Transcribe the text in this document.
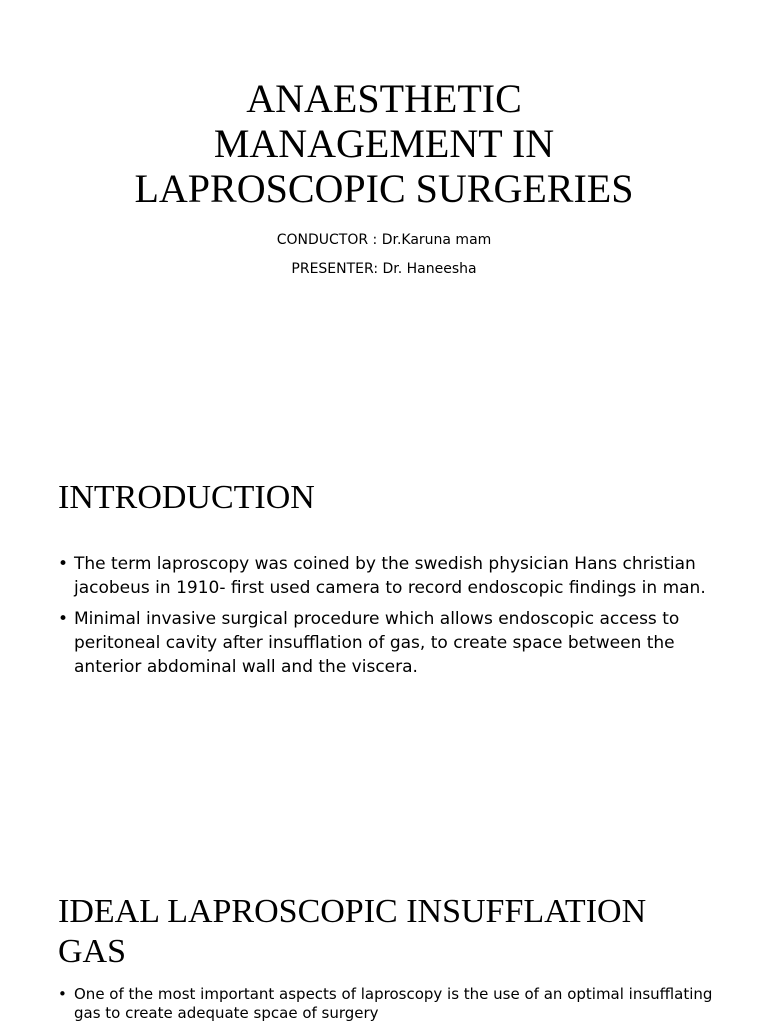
ANAESTHETIC
MANAGEMENT IN
LAPROSCOPIC SURGERIES

CONDUCTOR : Dr.Karuna mam

PRESENTER: Dr. Haneesha

INTRODUCTION
• The term laproscopy was coined by the swedish physician Hans christian jacobeus in 1910- first used camera to record endoscopic findings in man.
• Minimal invasive surgical procedure which allows endoscopic access to peritoneal cavity after insufflation of gas, to create space between the anterior abdominal wall and the viscera.
IDEAL LAPROSCOPIC INSUFFLATION GAS
• One of the most important aspects of laproscopy is the use of an optimal insufflating gas to create adequate spcae of surgery
